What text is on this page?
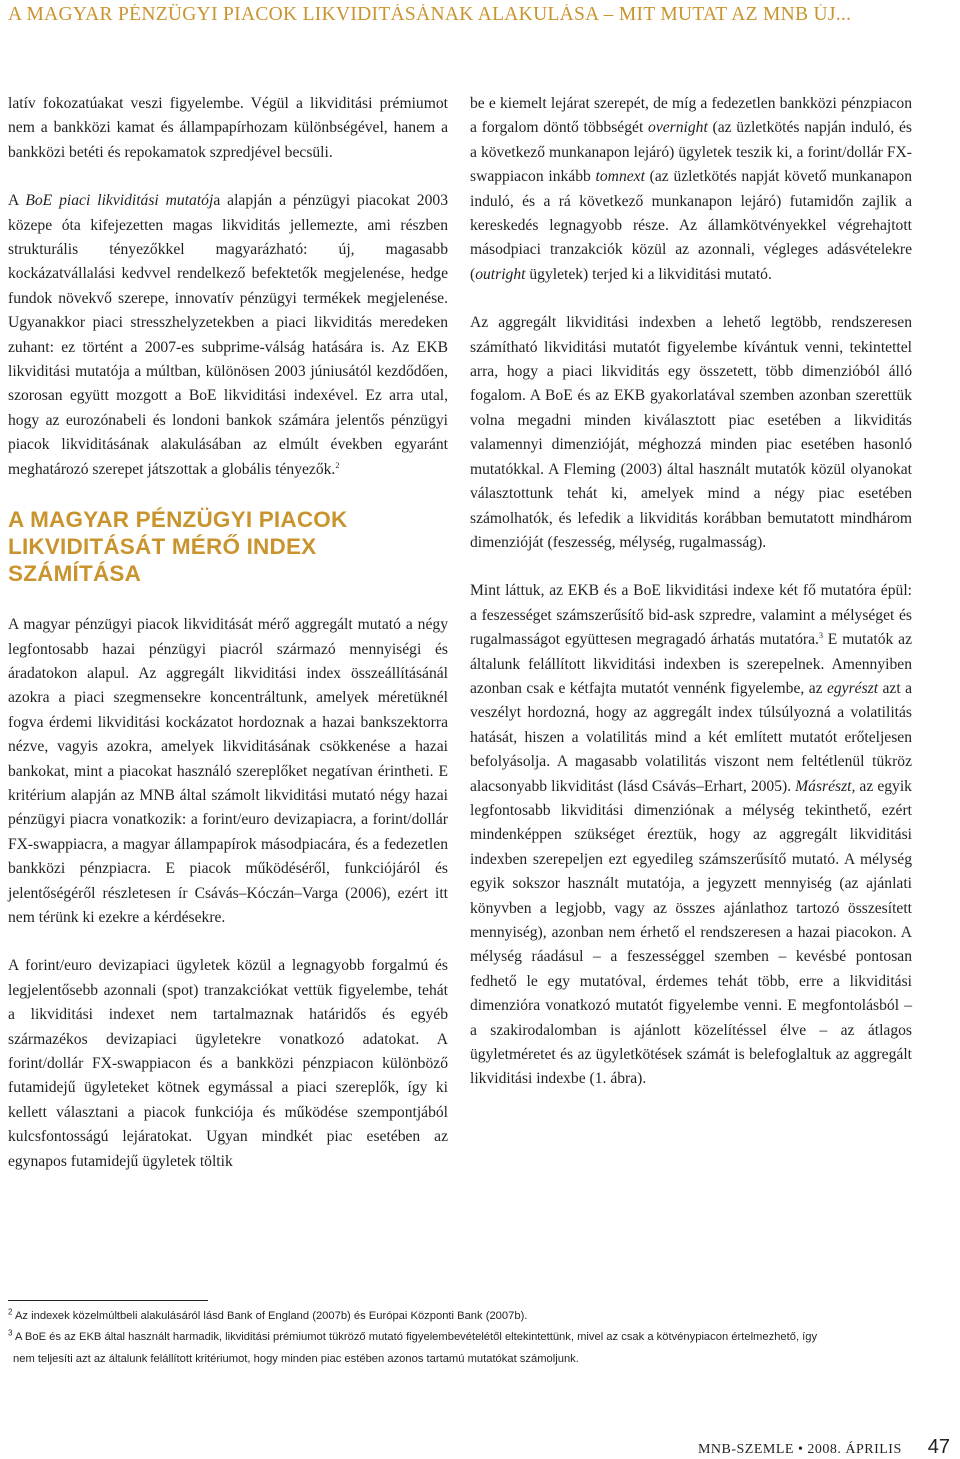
A MAGYAR PÉNZÜGYI PIACOK LIKVIDITÁSÁNAK ALAKULÁSA – MIT MUTAT AZ MNB ÚJ...

latív fokozatúakat veszi figyelembe. Végül a likviditási prémiumot nem a bankközi kamat és állampapírhozam különbségével, hanem a bankközi betéti és repokamatok szpredjével becsüli.

A BoE piaci likviditási mutatója alapján a pénzügyi piacokat 2003 közepe óta kifejezetten magas likviditás jellemezte, ami részben strukturális tényezőkkel magyarázható: új, magasabb kockázatvállalási kedvvel rendelkező befektetők megjelenése, hedge fundok növekvő szerepe, innovatív pénzügyi termékek megjelenése. Ugyanakkor piaci stresszhelyzetekben a piaci likviditás meredeken zuhant: ez történt a 2007-es subprime-válság hatására is. Az EKB likviditási mutatója a múltban, különösen 2003 júniusától kezdődően, szorosan együtt mozgott a BoE likviditási indexével. Ez arra utal, hogy az eurozónabeli és londoni bankok számára jelentős pénzügyi piacok likviditásának alakulásában az elmúlt években egyaránt meghatározó szerepet játszottak a globális tényezők.$^2$

A MAGYAR PÉNZÜGYI PIACOK LIKVIDITÁSÁT MÉRŐ INDEX SZÁMÍTÁSA

A magyar pénzügyi piacok likviditását mérő aggregált mutató a négy legfontosabb hazai pénzügyi piacról származó mennyiségi és áradatokon alapul. Az aggregált likviditási index összeállításánál azokra a piaci szegmensekre koncentráltunk, amelyek méretüknél fogva érdemi likviditási kockázatot hordoznak a hazai bankszektorra nézve, vagyis azokra, amelyek likviditásának csökkenése a hazai bankokat, mint a piacokat használó szereplőket negatívan érintheti. E kritérium alapján az MNB által számolt likviditási mutató négy hazai pénzügyi piacra vonatkozik: a forint/euro devizapiacra, a forint/dollár FX-swappiacra, a magyar állampapírok másodpiacára, és a fedezetlen bankközi pénzpiacra. E piacok működéséről, funkciójáról és jelentőségéről részletesen ír Csávás–Kóczán–Varga (2006), ezért itt nem térünk ki ezekre a kérdésekre.

A forint/euro devizapiaci ügyletek közül a legnagyobb forgalmú és legjelentősebb azonnali (spot) tranzakciókat vettük figyelembe, tehát a likviditási indexet nem tartalmaznak határidős és egyéb származékos devizapiaci ügyletekre vonatkozó adatokat. A forint/dollár FX-swappiacon és a bankközi pénzpiacon különböző futamidejű ügyleteket kötnek egymással a piaci szereplők, így ki kellett választani a piacok funkciója és működése szempontjából kulcsfontosságú lejáratokat. Ugyan mindkét piac esetében az egynapos futamidejű ügyletek töltik

be e kiemelt lejárat szerepét, de míg a fedezetlen bankközi pénzpiacon a forgalom döntő többségét overnight (az üzletkötés napján induló, és a következő munkanapon lejáró) ügyletek teszik ki, a forint/dollár FX-swappiacon inkább tomnext (az üzletkötés napját követő munkanapon induló, és a rá következő munkanapon lejáró) futamidőn zajlik a kereskedés legnagyobb része. Az államkötvényekkel végrehajtott másodpiaci tranzakciók közül az azonnali, végleges adásvételekre (outright ügyletek) terjed ki a likviditási mutató.

Az aggregált likviditási indexben a lehető legtöbb, rendszeresen számítható likviditási mutatót figyelembe kívántuk venni, tekintettel arra, hogy a piaci likviditás egy összetett, több dimenzióból álló fogalom. A BoE és az EKB gyakorlatával szemben azonban szerettük volna megadni minden kiválasztott piac esetében a likviditás valamennyi dimenzióját, méghozzá minden piac esetében hasonló mutatókkal. A Fleming (2003) által használt mutatók közül olyanokat választottunk tehát ki, amelyek mind a négy piac esetében számolhatók, és lefedik a likviditás korábban bemutatott mindhárom dimenzióját (feszesség, mélység, rugalmasság).

Mint láttuk, az EKB és a BoE likviditási indexe két fő mutatóra épül: a feszességet számszerűsítő bid-ask szpredre, valamint a mélységet és rugalmasságot együttesen megragadó árhatás mutatóra.$^3$ E mutatók az általunk felállított likviditási indexben is szerepelnek. Amennyiben azonban csak e kétfajta mutatót vennénk figyelembe, az egyrészt azt a veszélyt hordozná, hogy az aggregált index túlsúlyozná a volatilitás hatását, hiszen a volatilitás mind a két említett mutatót erőteljesen befolyásolja. A magasabb volatilitás viszont nem feltétlenül tükröz alacsonyabb likviditást (lásd Csávás–Erhart, 2005). Másrészt, az egyik legfontosabb likviditási dimenziónak a mélység tekinthető, ezért mindenképpen szükséget éreztük, hogy az aggregált likviditási indexben szerepeljen ezt egyedileg számszerűsítő mutató. A mélység egyik sokszor használt mutatója, a jegyzett mennyiség (az ajánlati könyvben a legjobb, vagy az összes ajánlathoz tartozó összesített mennyiség), azonban nem érhető el rendszeresen a hazai piacokon. A mélység ráadásul – a feszességgel szemben – kevésbé pontosan fedhető le egy mutatóval, érdemes tehát több, erre a likviditási dimenzióra vonatkozó mutatót figyelembe venni. E megfontolásból – a szakirodalomban is ajánlott közelítéssel élve – az átlagos ügyletméretet és az ügyletkötések számát is belefoglaltuk az aggregált likviditási indexbe (1. ábra).

$^2$ Az indexek közelmúltbeli alakulásáról lásd Bank of England (2007b) és Európai Központi Bank (2007b).
$^3$ A BoE és az EKB által használt harmadik, likviditási prémiumot tükröző mutató figyelembevételétől eltekintettünk, mivel az csak a kötvénypiacon értelmezhető, így
nem teljesíti azt az általunk felállított kritériumot, hogy minden piac estében azonos tartamú mutatókat számoljunk.
MNB-SZEMLE • 2008. ÁPRILIS 47
